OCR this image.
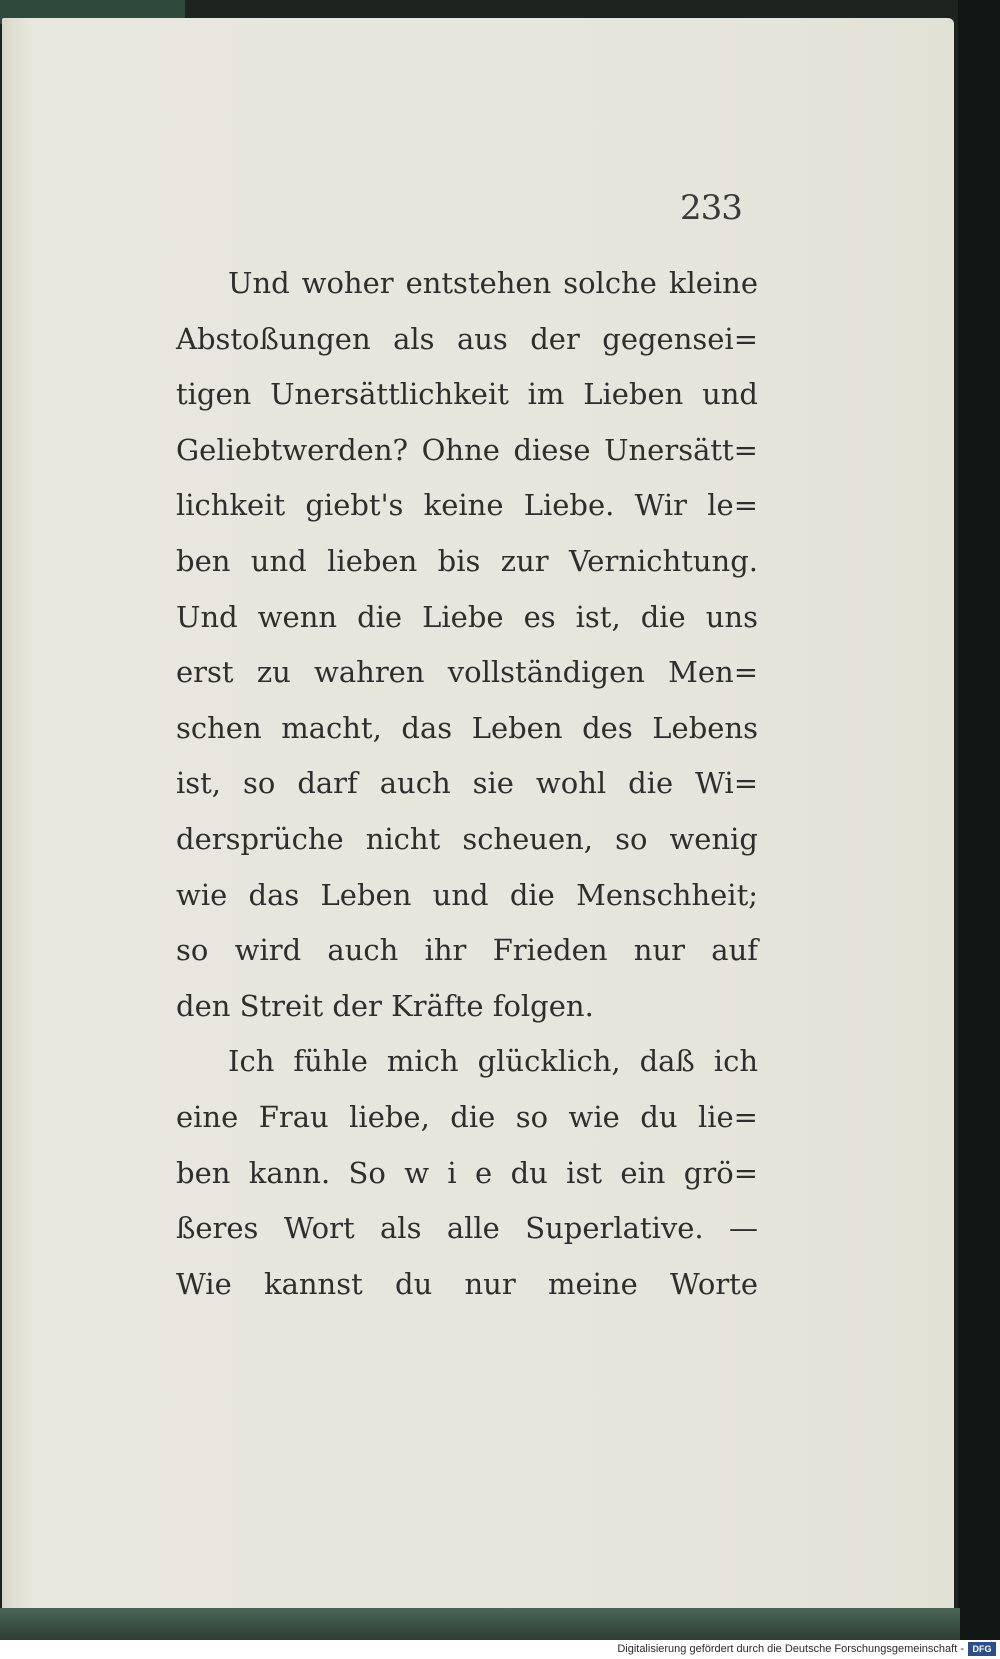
233
Und woher entstehen solche kleine
Abstoßungen als aus der gegensei=
tigen Unersättlichkeit im Lieben und
Geliebtwerden? Ohne diese Unersätt=
lichkeit giebt's keine Liebe. Wir le=
ben und lieben bis zur Vernichtung.
Und wenn die Liebe es ist, die uns
erst zu wahren vollständigen Men=
schen macht, das Leben des Lebens
ist, so darf auch sie wohl die Wi=
dersprüche nicht scheuen, so wenig
wie das Leben und die Menschheit;
so wird auch ihr Frieden nur auf
den Streit der Kräfte folgen.
Ich fühle mich glücklich, daß ich
eine Frau liebe, die so wie du lie=
ben kann. So w i e du ist ein grö=
ßeres Wort als alle Superlative. —
Wie kannst du nur meine Worte
Digitalisierung gefördert durch die Deutsche Forschungsgemeinschaft - DFG
